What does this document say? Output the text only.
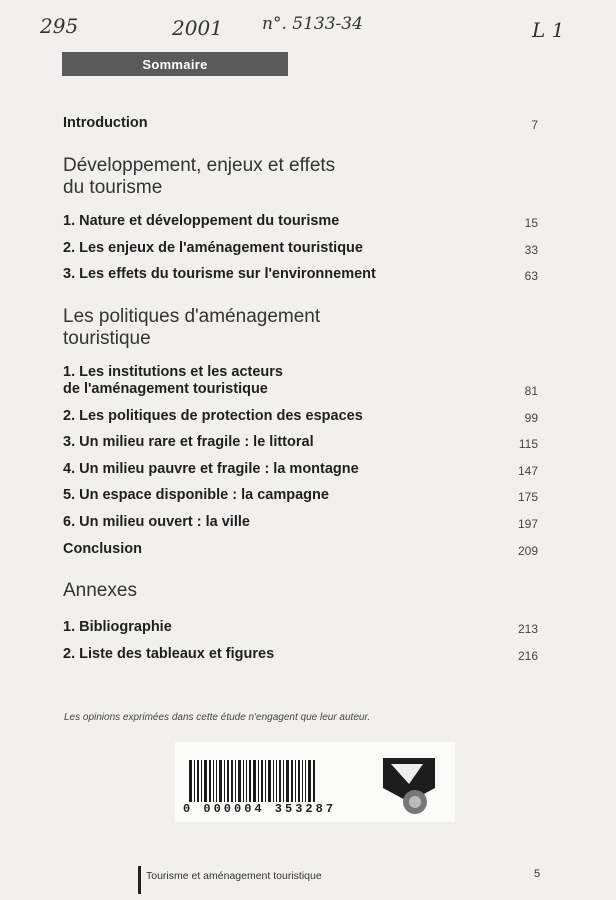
295	2001 n°. 5133-34	L 1
Sommaire
Introduction	7
Développement, enjeux et effets
du tourisme
1. Nature et développement du tourisme	15
2. Les enjeux de l'aménagement touristique	33
3. Les effets du tourisme sur l'environnement	63
Les politiques d'aménagement
touristique
1. Les institutions et les acteurs
de l'aménagement touristique	81
2. Les politiques de protection des espaces	99
3. Un milieu rare et fragile : le littoral	115
4. Un milieu pauvre et fragile : la montagne	147
5. Un espace disponible : la campagne	175
6. Un milieu ouvert : la ville	197
Conclusion	209
Annexes
1. Bibliographie	213
2. Liste des tableaux et figures	216
Les opinions exprimées dans cette étude n'engagent que leur auteur.
0 000004 353287
Tourisme et aménagement touristique	5
